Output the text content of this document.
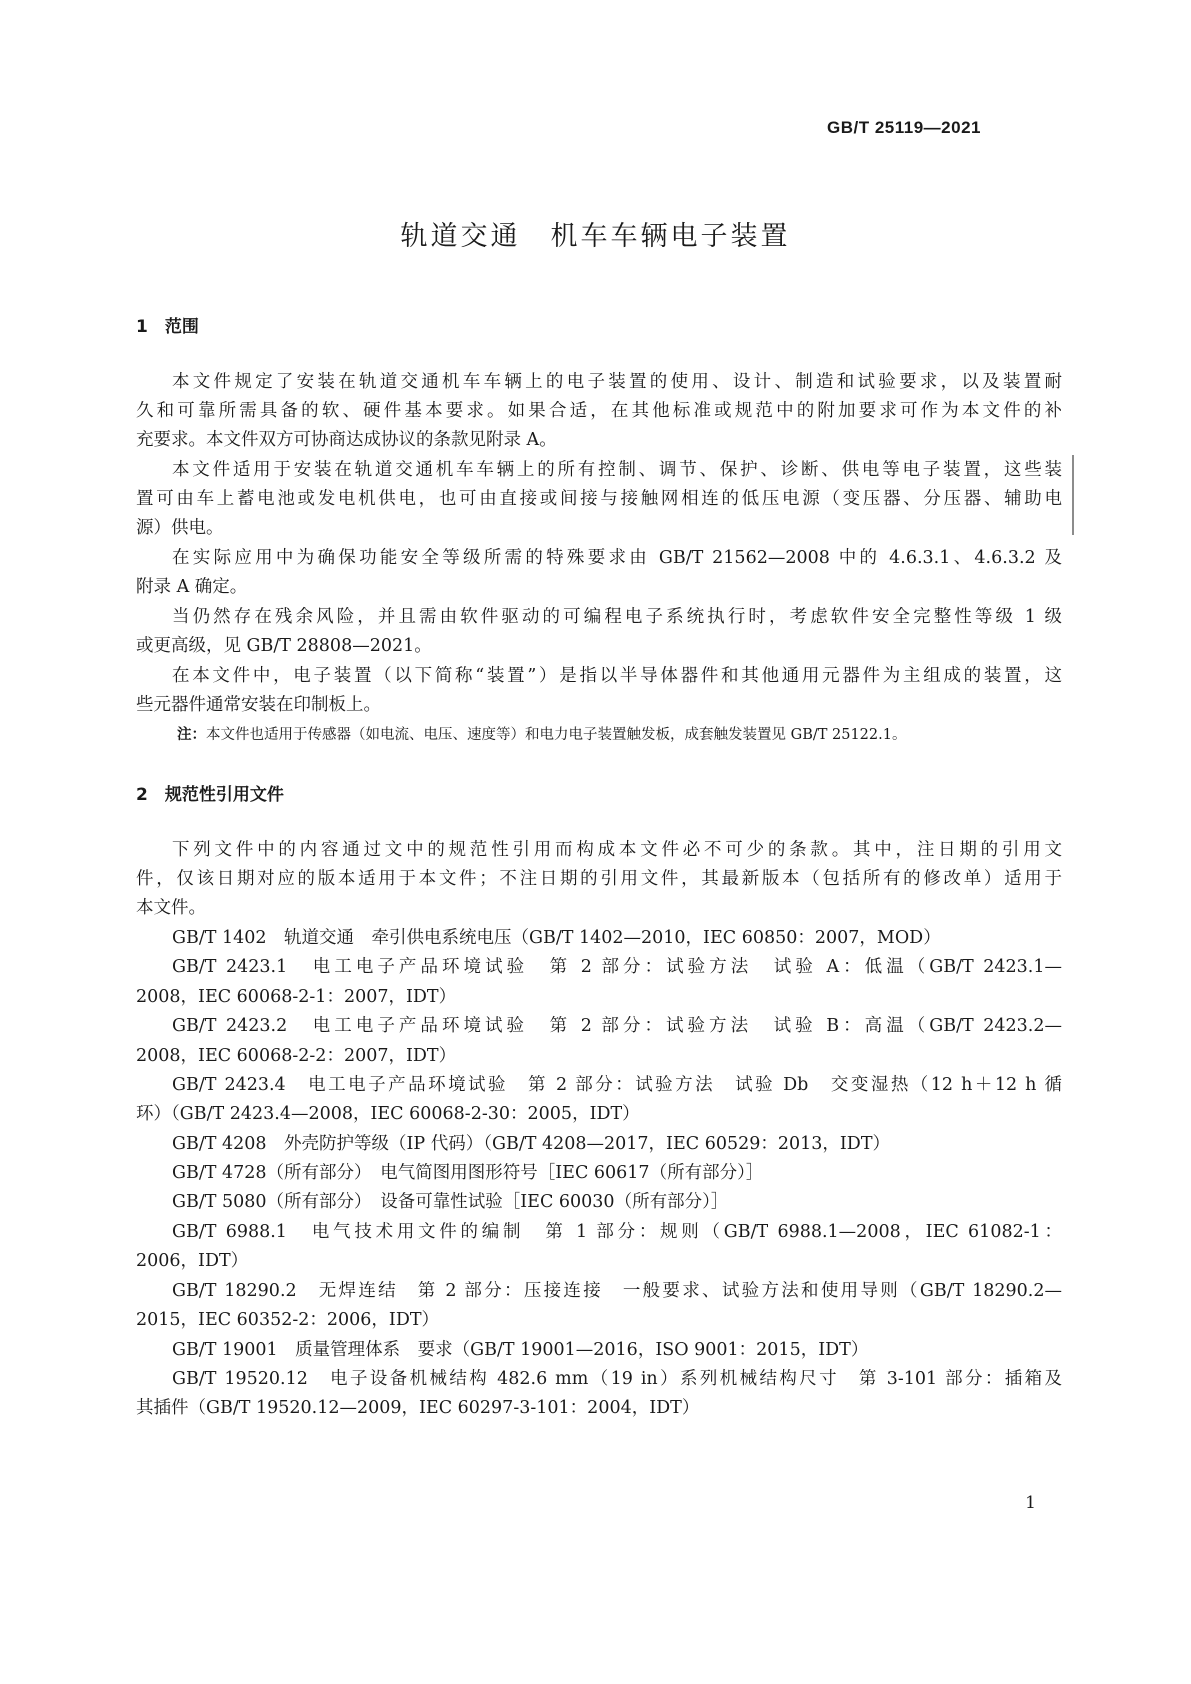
GB/T 25119—2021
轨道交通　机车车辆电子装置
1　范围
本文件规定了安装在轨道交通机车车辆上的电子装置的使用、设计、制造和试验要求，以及装置耐
久和可靠所需具备的软、硬件基本要求。如果合适，在其他标准或规范中的附加要求可作为本文件的补
充要求。本文件双方可协商达成协议的条款见附录 A。
本文件适用于安装在轨道交通机车车辆上的所有控制、调节、保护、诊断、供电等电子装置，这些装
置可由车上蓄电池或发电机供电，也可由直接或间接与接触网相连的低压电源（变压器、分压器、辅助电
源）供电。
在实际应用中为确保功能安全等级所需的特殊要求由 GB/T 21562—2008 中的 4.6.3.1、4.6.3.2 及
附录 A 确定。
当仍然存在残余风险，并且需由软件驱动的可编程电子系统执行时，考虑软件安全完整性等级 1 级
或更高级，见 GB/T 28808—2021。
在本文件中，电子装置（以下简称“装置”）是指以半导体器件和其他通用元器件为主组成的装置，这
些元器件通常安装在印制板上。
注：本文件也适用于传感器（如电流、电压、速度等）和电力电子装置触发板，成套触发装置见 GB/T 25122.1。
2　规范性引用文件
下列文件中的内容通过文中的规范性引用而构成本文件必不可少的条款。其中，注日期的引用文
件，仅该日期对应的版本适用于本文件；不注日期的引用文件，其最新版本（包括所有的修改单）适用于
本文件。
GB/T 1402　轨道交通　牵引供电系统电压（GB/T 1402—2010，IEC 60850：2007，MOD）
GB/T 2423.1　电工电子产品环境试验　第 2 部分：试验方法　试验 A：低温（GB/T 2423.1—
2008，IEC 60068-2-1：2007，IDT）
GB/T 2423.2　电工电子产品环境试验　第 2 部分：试验方法　试验 B：高温（GB/T 2423.2—
2008，IEC 60068-2-2：2007，IDT）
GB/T 2423.4　电工电子产品环境试验　第 2 部分：试验方法　试验 Db　交变湿热（12 h＋12 h 循
环）（GB/T 2423.4—2008，IEC 60068-2-30：2005，IDT）
GB/T 4208　外壳防护等级（IP 代码）（GB/T 4208—2017，IEC 60529：2013，IDT）
GB/T 4728（所有部分）　电气简图用图形符号［IEC 60617（所有部分）］
GB/T 5080（所有部分）　设备可靠性试验［IEC 60030（所有部分）］
GB/T 6988.1　电气技术用文件的编制　第 1 部分：规则（GB/T 6988.1—2008，IEC 61082-1：
2006，IDT）
GB/T 18290.2　无焊连结　第 2 部分：压接连接　一般要求、试验方法和使用导则（GB/T 18290.2—
2015，IEC 60352-2：2006，IDT）
GB/T 19001　质量管理体系　要求（GB/T 19001—2016，ISO 9001：2015，IDT）
GB/T 19520.12　电子设备机械结构 482.6 mm（19 in）系列机械结构尺寸　第 3-101 部分：插箱及
其插件（GB/T 19520.12—2009，IEC 60297-3-101：2004，IDT）
1
